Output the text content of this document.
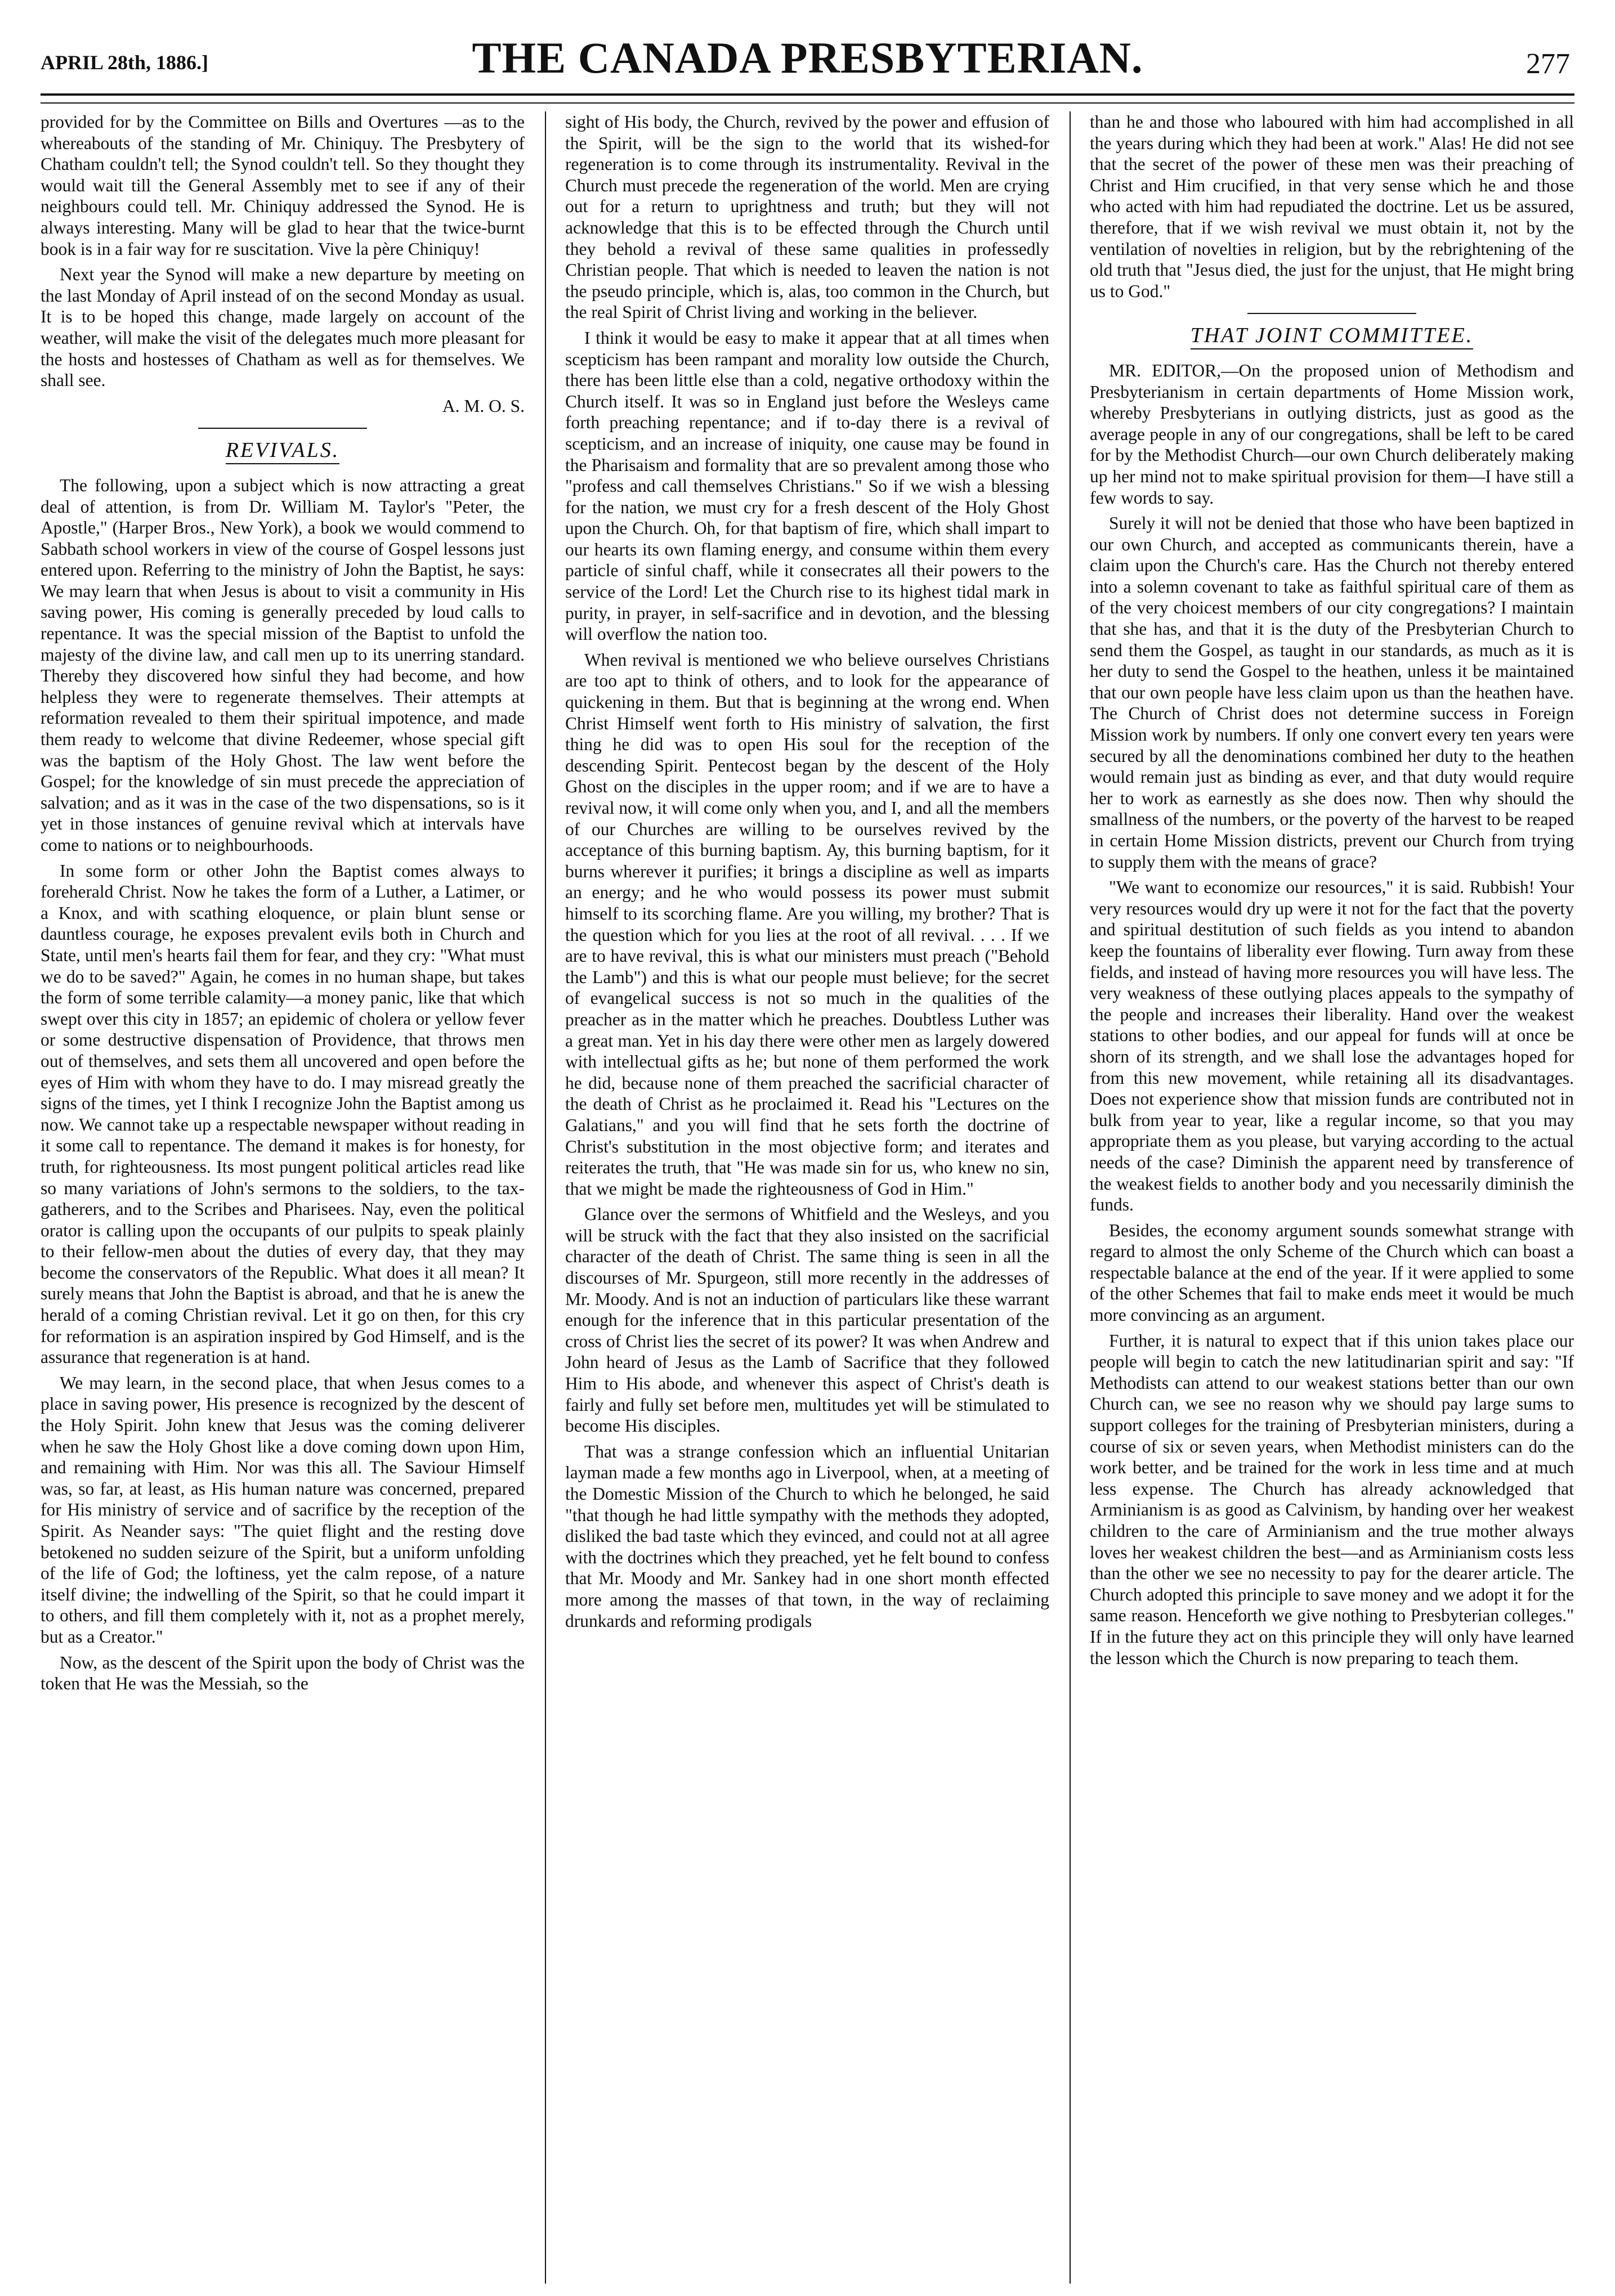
APRIL 28th, 1886.]	THE CANADA PRESBYTERIAN.	277

provided for by the Committee on Bills and Overtures —as to the whereabouts of the standing of Mr. Chiniquy. The Presbytery of Chatham couldn't tell; the Synod couldn't tell. So they thought they would wait till the General Assembly met to see if any of their neighbours could tell. Mr. Chiniquy addressed the Synod. He is always interesting. Many will be glad to hear that the twice-burnt book is in a fair way for re suscitation. Vive la père Chiniquy!

Next year the Synod will make a new departure by meeting on the last Monday of April instead of on the second Monday as usual. It is to be hoped this change, made largely on account of the weather, will make the visit of the delegates much more pleasant for the hosts and hostesses of Chatham as well as for themselves. We shall see.

A. M. O. S.
REVIVALS.

The following, upon a subject which is now attracting a great deal of attention, is from Dr. William M. Taylor's "Peter, the Apostle," (Harper Bros., New York), a book we would commend to Sabbath school workers in view of the course of Gospel lessons just entered upon. Referring to the ministry of John the Baptist, he says: We may learn that when Jesus is about to visit a community in His saving power, His coming is generally preceded by loud calls to repentance. It was the special mission of the Baptist to unfold the majesty of the divine law, and call men up to its unerring standard. Thereby they discovered how sinful they had become, and how helpless they were to regenerate themselves. Their attempts at reformation revealed to them their spiritual impotence, and made them ready to welcome that divine Redeemer, whose special gift was the baptism of the Holy Ghost. The law went before the Gospel; for the knowledge of sin must precede the appreciation of salvation; and as it was in the case of the two dispensations, so is it yet in those instances of genuine revival which at intervals have come to nations or to neighbourhoods.

In some form or other John the Baptist comes always to foreherald Christ. Now he takes the form of a Luther, a Latimer, or a Knox, and with scathing eloquence, or plain blunt sense or dauntless courage, he exposes prevalent evils both in Church and State, until men's hearts fail them for fear, and they cry: "What must we do to be saved?" Again, he comes in no human shape, but takes the form of some terrible calamity—a money panic, like that which swept over this city in 1857; an epidemic of cholera or yellow fever or some destructive dispensation of Providence, that throws men out of themselves, and sets them all uncovered and open before the eyes of Him with whom they have to do. I may misread greatly the signs of the times, yet I think I recognize John the Baptist among us now. We cannot take up a respectable newspaper without reading in it some call to repentance. The demand it makes is for honesty, for truth, for righteousness. Its most pungent political articles read like so many variations of John's sermons to the soldiers, to the tax-gatherers, and to the Scribes and Pharisees. Nay, even the political orator is calling upon the occupants of our pulpits to speak plainly to their fellow-men about the duties of every day, that they may become the conservators of the Republic. What does it all mean? It surely means that John the Baptist is abroad, and that he is anew the herald of a coming Christian revival. Let it go on then, for this cry for reformation is an aspiration inspired by God Himself, and is the assurance that regeneration is at hand.

We may learn, in the second place, that when Jesus comes to a place in saving power, His presence is recognized by the descent of the Holy Spirit. John knew that Jesus was the coming deliverer when he saw the Holy Ghost like a dove coming down upon Him, and remaining with Him. Nor was this all. The Saviour Himself was, so far, at least, as His human nature was concerned, prepared for His ministry of service and of sacrifice by the reception of the Spirit. As Neander says: "The quiet flight and the resting dove betokened no sudden seizure of the Spirit, but a uniform unfolding of the life of God; the loftiness, yet the calm repose, of a nature itself divine; the indwelling of the Spirit, so that he could impart it to others, and fill them completely with it, not as a prophet merely, but as a Creator."

Now, as the descent of the Spirit upon the body of Christ was the token that He was the Messiah, so the

sight of His body, the Church, revived by the power and effusion of the Spirit, will be the sign to the world that its wished-for regeneration is to come through its instrumentality. Revival in the Church must precede the regeneration of the world. Men are crying out for a return to uprightness and truth; but they will not acknowledge that this is to be effected through the Church until they behold a revival of these same qualities in professedly Christian people. That which is needed to leaven the nation is not the pseudo principle, which is, alas, too common in the Church, but the real Spirit of Christ living and working in the believer.

I think it would be easy to make it appear that at all times when scepticism has been rampant and morality low outside the Church, there has been little else than a cold, negative orthodoxy within the Church itself. It was so in England just before the Wesleys came forth preaching repentance; and if to-day there is a revival of scepticism, and an increase of iniquity, one cause may be found in the Pharisaism and formality that are so prevalent among those who "profess and call themselves Christians." So if we wish a blessing for the nation, we must cry for a fresh descent of the Holy Ghost upon the Church. Oh, for that baptism of fire, which shall impart to our hearts its own flaming energy, and consume within them every particle of sinful chaff, while it consecrates all their powers to the service of the Lord! Let the Church rise to its highest tidal mark in purity, in prayer, in self-sacrifice and in devotion, and the blessing will overflow the nation too.

When revival is mentioned we who believe ourselves Christians are too apt to think of others, and to look for the appearance of quickening in them. But that is beginning at the wrong end. When Christ Himself went forth to His ministry of salvation, the first thing he did was to open His soul for the reception of the descending Spirit. Pentecost began by the descent of the Holy Ghost on the disciples in the upper room; and if we are to have a revival now, it will come only when you, and I, and all the members of our Churches are willing to be ourselves revived by the acceptance of this burning baptism. Ay, this burning baptism, for it burns wherever it purifies; it brings a discipline as well as imparts an energy; and he who would possess its power must submit himself to its scorching flame. Are you willing, my brother? That is the question which for you lies at the root of all revival. . . . If we are to have revival, this is what our ministers must preach ("Behold the Lamb") and this is what our people must believe; for the secret of evangelical success is not so much in the qualities of the preacher as in the matter which he preaches. Doubtless Luther was a great man. Yet in his day there were other men as largely dowered with intellectual gifts as he; but none of them performed the work he did, because none of them preached the sacrificial character of the death of Christ as he proclaimed it. Read his "Lectures on the Galatians," and you will find that he sets forth the doctrine of Christ's substitution in the most objective form; and iterates and reiterates the truth, that "He was made sin for us, who knew no sin, that we might be made the righteousness of God in Him."

Glance over the sermons of Whitfield and the Wesleys, and you will be struck with the fact that they also insisted on the sacrificial character of the death of Christ. The same thing is seen in all the discourses of Mr. Spurgeon, still more recently in the addresses of Mr. Moody. And is not an induction of particulars like these warrant enough for the inference that in this particular presentation of the cross of Christ lies the secret of its power? It was when Andrew and John heard of Jesus as the Lamb of Sacrifice that they followed Him to His abode, and whenever this aspect of Christ's death is fairly and fully set before men, multitudes yet will be stimulated to become His disciples.

That was a strange confession which an influential Unitarian layman made a few months ago in Liverpool, when, at a meeting of the Domestic Mission of the Church to which he belonged, he said "that though he had little sympathy with the methods they adopted, disliked the bad taste which they evinced, and could not at all agree with the doctrines which they preached, yet he felt bound to confess that Mr. Moody and Mr. Sankey had in one short month effected more among the masses of that town, in the way of reclaiming drunkards and reforming prodigals

than he and those who laboured with him had accomplished in all the years during which they had been at work." Alas! He did not see that the secret of the power of these men was their preaching of Christ and Him crucified, in that very sense which he and those who acted with him had repudiated the doctrine. Let us be assured, therefore, that if we wish revival we must obtain it, not by the ventilation of novelties in religion, but by the rebrightening of the old truth that "Jesus died, the just for the unjust, that He might bring us to God."

THAT JOINT COMMITTEE.

MR. EDITOR,—On the proposed union of Methodism and Presbyterianism in certain departments of Home Mission work, whereby Presbyterians in outlying districts, just as good as the average people in any of our congregations, shall be left to be cared for by the Methodist Church—our own Church deliberately making up her mind not to make spiritual provision for them—I have still a few words to say.

Surely it will not be denied that those who have been baptized in our own Church, and accepted as communicants therein, have a claim upon the Church's care. Has the Church not thereby entered into a solemn covenant to take as faithful spiritual care of them as of the very choicest members of our city congregations? I maintain that she has, and that it is the duty of the Presbyterian Church to send them the Gospel, as taught in our standards, as much as it is her duty to send the Gospel to the heathen, unless it be maintained that our own people have less claim upon us than the heathen have. The Church of Christ does not determine success in Foreign Mission work by numbers. If only one convert every ten years were secured by all the denominations combined her duty to the heathen would remain just as binding as ever, and that duty would require her to work as earnestly as she does now. Then why should the smallness of the numbers, or the poverty of the harvest to be reaped in certain Home Mission districts, prevent our Church from trying to supply them with the means of grace?

"We want to economize our resources," it is said. Rubbish! Your very resources would dry up were it not for the fact that the poverty and spiritual destitution of such fields as you intend to abandon keep the fountains of liberality ever flowing. Turn away from these fields, and instead of having more resources you will have less. The very weakness of these outlying places appeals to the sympathy of the people and increases their liberality. Hand over the weakest stations to other bodies, and our appeal for funds will at once be shorn of its strength, and we shall lose the advantages hoped for from this new movement, while retaining all its disadvantages. Does not experience show that mission funds are contributed not in bulk from year to year, like a regular income, so that you may appropriate them as you please, but varying according to the actual needs of the case? Diminish the apparent need by transference of the weakest fields to another body and you necessarily diminish the funds.

Besides, the economy argument sounds somewhat strange with regard to almost the only Scheme of the Church which can boast a respectable balance at the end of the year. If it were applied to some of the other Schemes that fail to make ends meet it would be much more convincing as an argument.

Further, it is natural to expect that if this union takes place our people will begin to catch the new latitudinarian spirit and say: "If Methodists can attend to our weakest stations better than our own Church can, we see no reason why we should pay large sums to support colleges for the training of Presbyterian ministers, during a course of six or seven years, when Methodist ministers can do the work better, and be trained for the work in less time and at much less expense. The Church has already acknowledged that Arminianism is as good as Calvinism, by handing over her weakest children to the care of Arminianism and the true mother always loves her weakest children the best—and as Arminianism costs less than the other we see no necessity to pay for the dearer article. The Church adopted this principle to save money and we adopt it for the same reason. Henceforth we give nothing to Presbyterian colleges." If in the future they act on this principle they will only have learned the lesson which the Church is now preparing to teach them.
